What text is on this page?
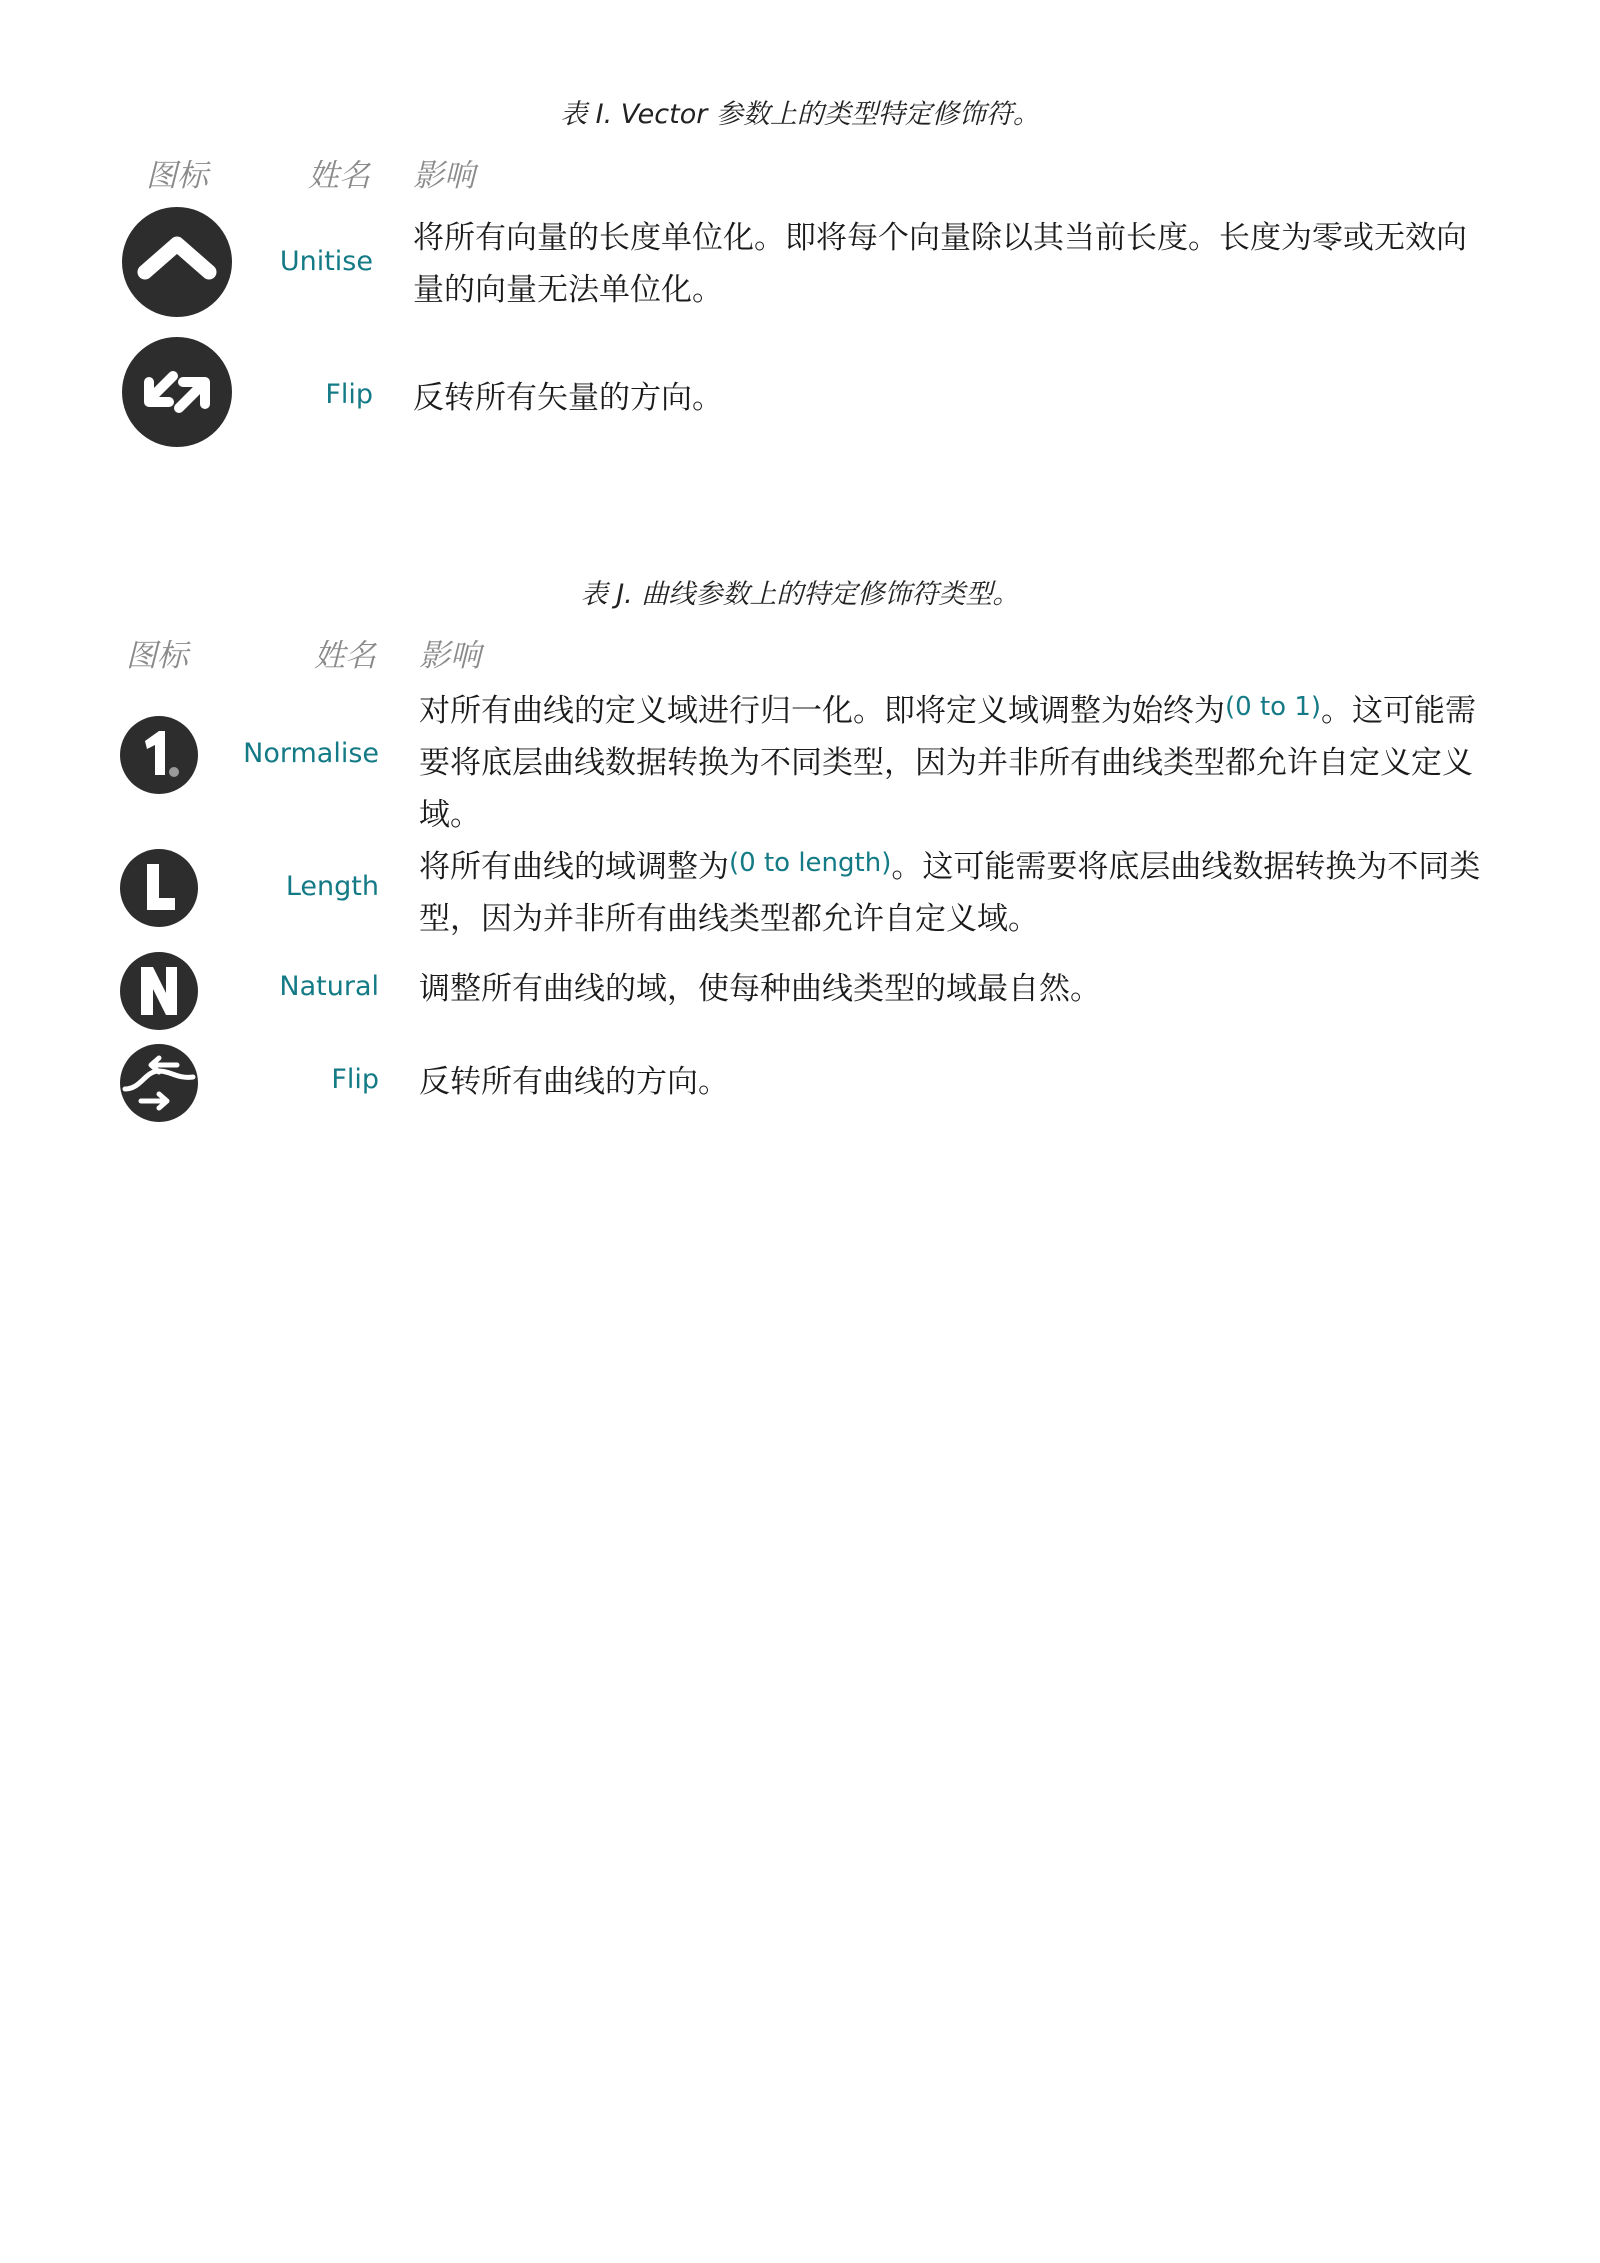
表 I. Vector 参数上的类型特定修饰符。
图标	姓名 影响
Unitise
将所有向量的长度单位化。即将每个向量除以其当前长度。长度为零或无效向量的向量无法单位化。
Flip 反转所有矢量的方向。
表 J. 曲线参数上的特定修饰符类型。
图标	姓名 影响
Normalise
对所有曲线的定义域进行归一化。即将定义域调整为始终为(0 to 1)。这可能需要将底层曲线数据转换为不同类型，因为并非所有曲线类型都允许自定义定义域。
Length
将所有曲线的域调整为(0 to length)。这可能需要将底层曲线数据转换为不同类型，因为并非所有曲线类型都允许自定义域。
Natural 调整所有曲线的域，使每种曲线类型的域最自然。
Flip 反转所有曲线的方向。
